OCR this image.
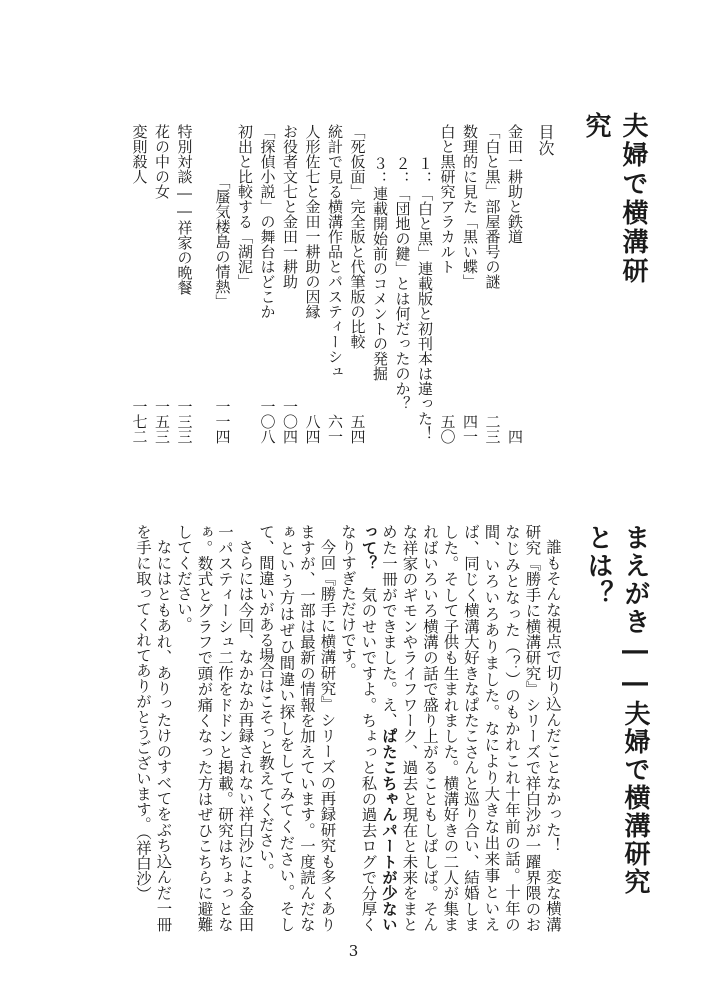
夫婦で横溝研究
目次
金田一耕助と鉄道
四
「白と黒」部屋番号の謎
二三
数理的に見た「黒い蝶」
四一
白と黒研究アラカルト
五〇
１：「白と黒」連載版と初刊本は違った！
２：「団地の鍵」とは何だったのか？
３：連載開始前のコメントの発掘
「死仮面」完全版と代筆版の比較
五四
統計で見る横溝作品とパスティーシュ
六一
人形佐七と金田一耕助の因縁
八四
お役者文七と金田一耕助
一〇四
「探偵小説」の舞台はどこか
一〇八
初出と比較する「湖泥」
「蜃気楼島の情熱」
一一四
特別対談――祥家の晩餐
一三三
花の中の女
一五三
変則殺人
一七二
まえがき――夫婦で横溝研究とは？

誰もそんな視点で切り込んだことなかった！　変な横溝研究『勝手に横溝研究』シリーズで祥白沙が一躍界隈のおなじみとなった（？）のもかれこれ十年前の話。十年の間、いろいろありました。なにより大きな出来事といえば、同じく横溝大好きなぱたこさんと巡り合い、結婚しました。そして子供も生まれました。横溝好きの二人が集まればいろいろ横溝の話で盛り上がることもしばしば。そんな祥家のギモンやライフワーク、過去と現在と未来をまとめた一冊ができました。え、ぱたこちゃんパートが少ないって？　気のせいですよ。ちょっと私の過去ログで分厚くなりすぎただけです。

今回『勝手に横溝研究』シリーズの再録研究も多くありますが、一部は最新の情報を加えています。一度読んだなぁという方はぜひ間違い探しをしてみてください。そして、間違いがある場合はこそっと教えてください。

さらには今回、なかなか再録されない祥白沙による金田一パスティーシュ二作をドドンと掲載。研究はちょっとなぁ。数式とグラフで頭が痛くなった方はぜひこちらに避難してください。

なにはともあれ、ありったけのすべてをぶち込んだ一冊を手に取ってくれてありがとうございます。（祥白沙）

3
